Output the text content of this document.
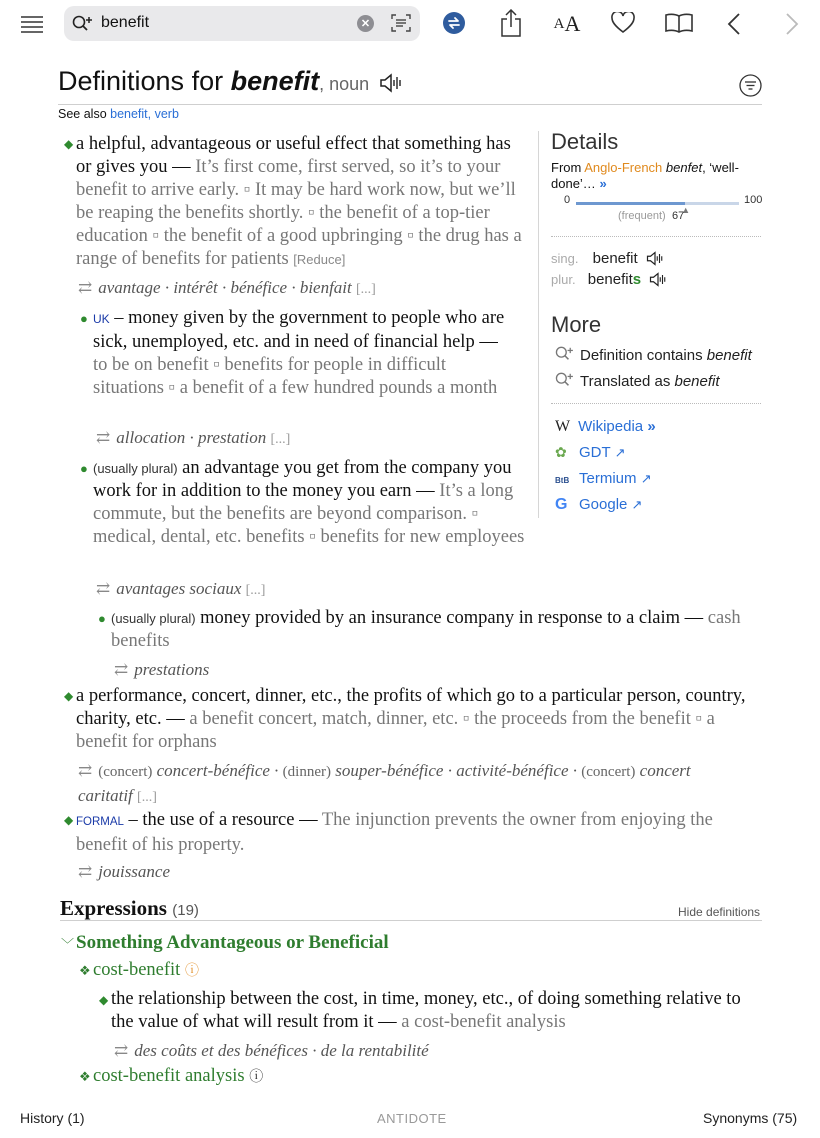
benefit	✕	A A
Definitions for benefit, noun
See also benefit, verb
◆ a helpful, advantageous or useful effect that something has or gives you — It’s first come, first served, so it’s to your benefit to arrive early. ▫ It may be hard work now, but we’ll be reaping the benefits shortly. ▫ the benefit of a top-tier education ▫ the benefit of a good upbringing ▫ the drug has a range of benefits for patients [Reduce]
⇄ avantage · intérêt · bénéfice · bienfait [...]
● UK – money given by the government to people who are sick, unemployed, etc. and in need of financial help — to be on benefit ▫ benefits for people in difficult situations ▫ a benefit of a few hundred pounds a month
⇄ allocation · prestation [...]
● (usually plural) an advantage you get from the company you work for in addition to the money you earn — It’s a long commute, but the benefits are beyond comparison. ▫ medical, dental, etc. benefits ▫ benefits for new employees
⇄ avantages sociaux [...]
● (usually plural) money provided by an insurance company in response to a claim — cash benefits
⇄ prestations
◆ a performance, concert, dinner, etc., the profits of which go to a particular person, country, charity, etc. — a benefit concert, match, dinner, etc. ▫ the proceeds from the benefit ▫ a benefit for orphans
⇄ (concert) concert-bénéfice · (dinner) souper-bénéfice · activité-bénéfice · (concert) concert caritatif [...]
◆ FORMAL – the use of a resource — The injunction prevents the owner from enjoying the benefit of his property.
⇄ jouissance
Details
From Anglo-French benfet, ‘well-done’… »
0	100
▲
(frequent) 67
sing. benefit
plur. benefits
More
Definition contains benefit
Translated as benefit
W Wikipedia »
✿ GDT ↗
BtB Termium ↗
G Google ↗
Expressions (19)	Hide definitions
﹀ Something Advantageous or Beneficial
❖ cost-benefit ⓘ
◆ the relationship between the cost, in time, money, etc., of doing something relative to the value of what will result from it — a cost-benefit analysis
⇄ des coûts et des bénéfices · de la rentabilité
❖ cost-benefit analysis ⓘ
History (1)	ANTIDOTE	Synonyms (75)
